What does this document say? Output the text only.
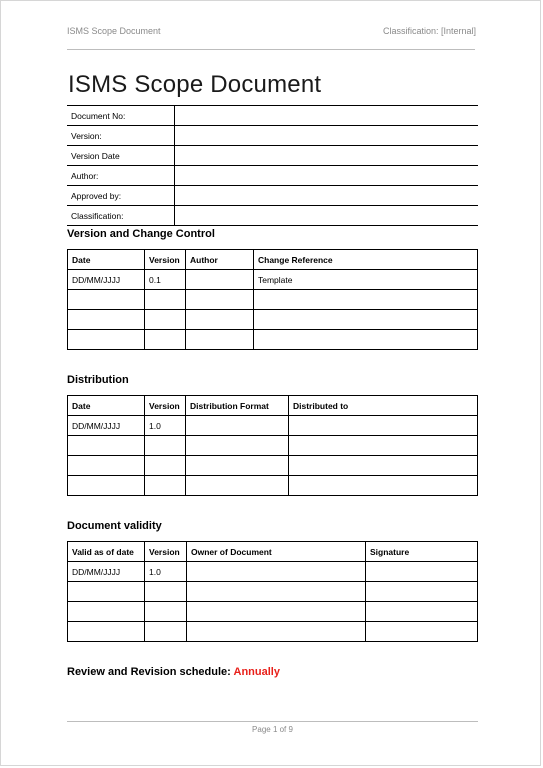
ISMS Scope Document	Classification: [Internal]
ISMS Scope Document
Document No:	
Version:	
Version Date	
Author:	
Approved by:	
Classification:	
Version and Change Control
Date	Version	Author	Change Reference
DD/MM/JJJJ	0.1		Template

Distribution
Date	Version	Distribution Format	Distributed to
DD/MM/JJJJ	1.0		

Document validity
Valid as of date	Version	Owner of Document	Signature
DD/MM/JJJJ	1.0		

Review and Revision schedule: Annually
Page 1 of 9
